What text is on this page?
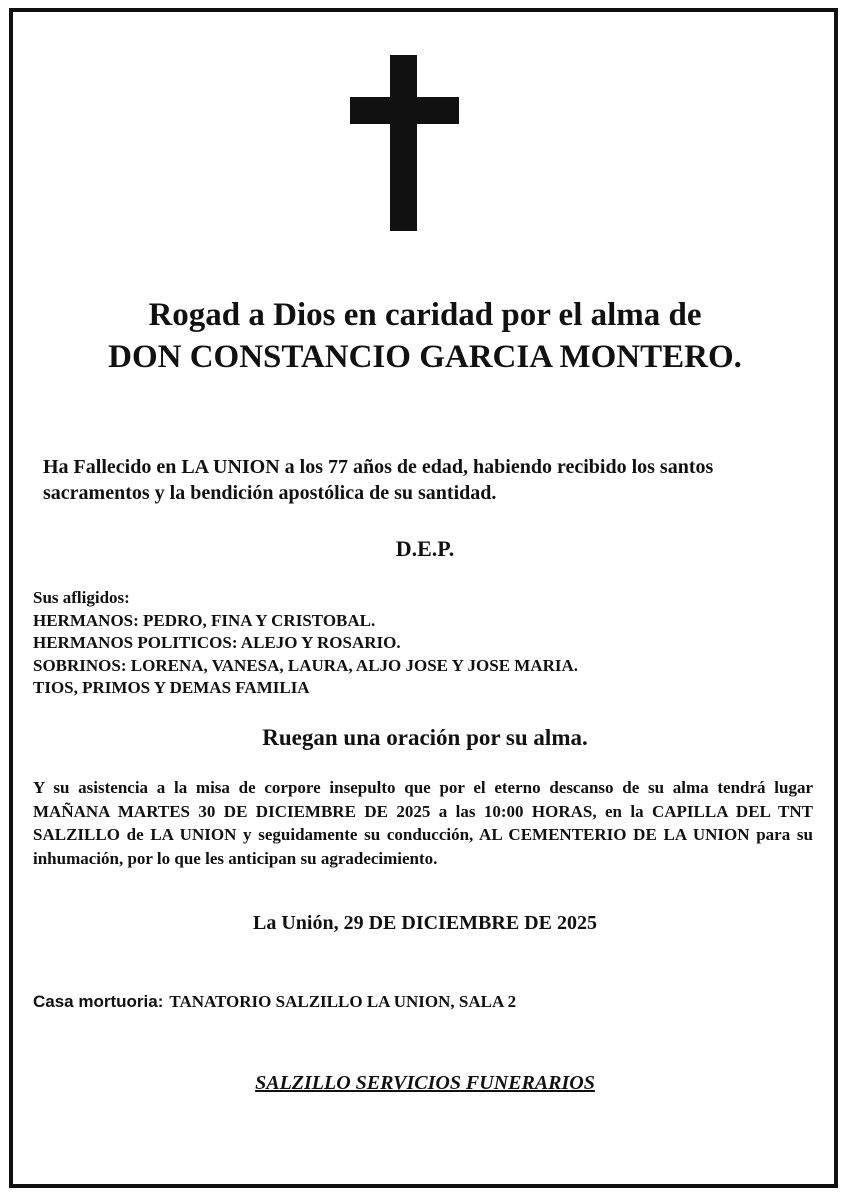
Rogad a Dios en caridad por el alma de
DON CONSTANCIO GARCIA MONTERO.
Ha Fallecido en LA UNION a los 77 años de edad, habiendo recibido los santos sacramentos y la bendición apostólica de su santidad.
D.E.P.
Sus afligidos:
HERMANOS: PEDRO, FINA Y CRISTOBAL.
HERMANOS POLITICOS: ALEJO Y ROSARIO.
SOBRINOS: LORENA, VANESA, LAURA, ALJO JOSE Y JOSE MARIA.
TIOS, PRIMOS Y DEMAS FAMILIA
Ruegan una oración por su alma.
Y su asistencia a la misa de corpore insepulto que por el eterno descanso de su alma tendrá lugar MAÑANA MARTES 30 DE DICIEMBRE DE 2025 a las 10:00 HORAS, en la CAPILLA DEL TNT SALZILLO de LA UNION y seguidamente su conducción, AL CEMENTERIO DE LA UNION para su inhumación, por lo que les anticipan su agradecimiento.
La Unión, 29 DE DICIEMBRE DE 2025
Casa mortuoria: TANATORIO SALZILLO LA UNION, SALA 2
SALZILLO SERVICIOS FUNERARIOS
